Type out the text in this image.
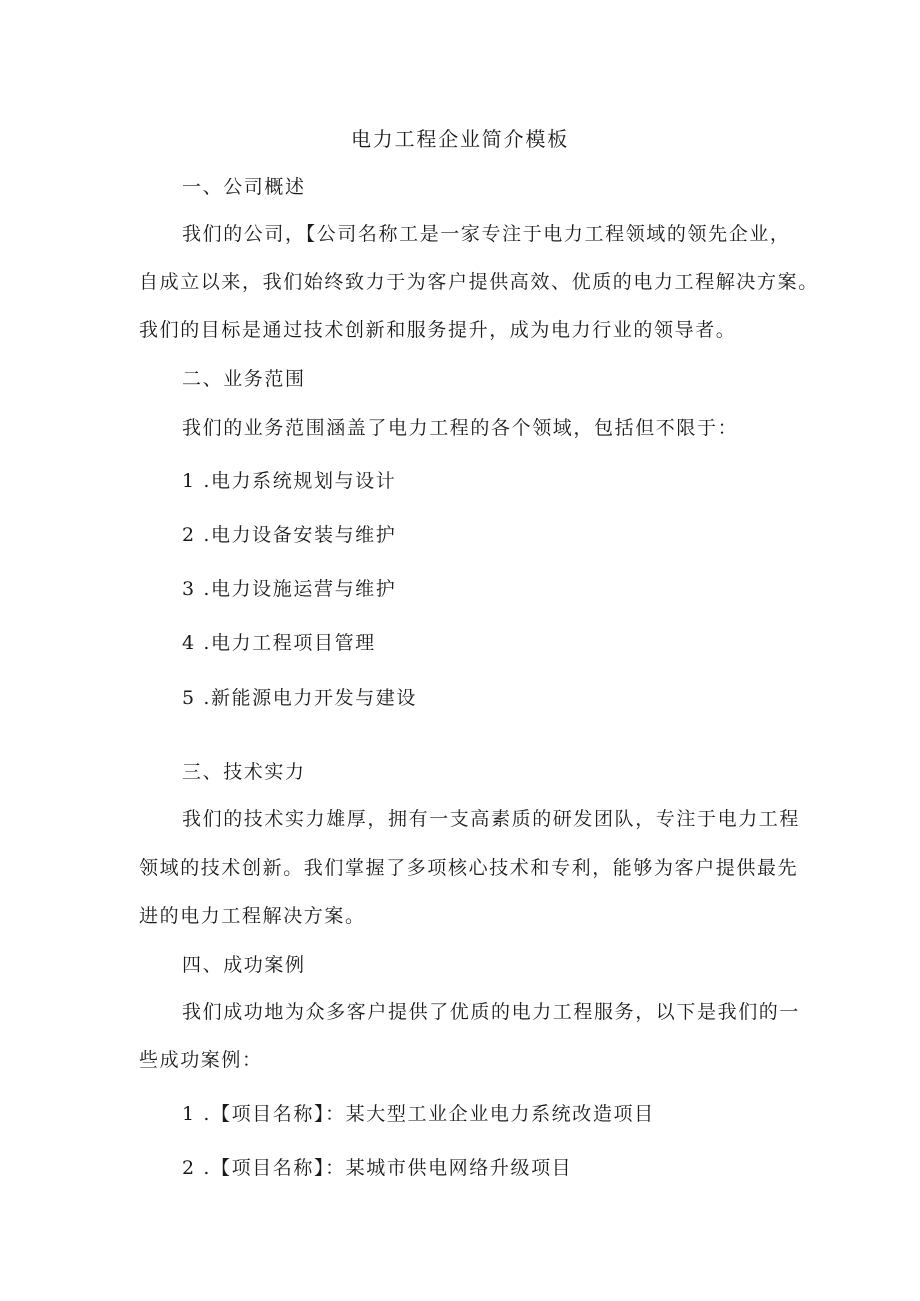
电力工程企业简介模板

一、公司概述

我们的公司，【公司名称工是一家专注于电力工程领域的领先企业，

自成立以来，我们始终致力于为客户提供高效、优质的电力工程解决方案。

我们的目标是通过技术创新和服务提升，成为电力行业的领导者。

二、业务范围

我们的业务范围涵盖了电力工程的各个领域，包括但不限于：

1 .电力系统规划与设计

2 .电力设备安装与维护

3 .电力设施运营与维护

4 .电力工程项目管理

5 .新能源电力开发与建设

三、技术实力

我们的技术实力雄厚，拥有一支高素质的研发团队，专注于电力工程

领域的技术创新。我们掌握了多项核心技术和专利，能够为客户提供最先

进的电力工程解决方案。

四、成功案例

我们成功地为众多客户提供了优质的电力工程服务，以下是我们的一

些成功案例：

1 .【项目名称】：某大型工业企业电力系统改造项目

2 .【项目名称】：某城市供电网络升级项目
